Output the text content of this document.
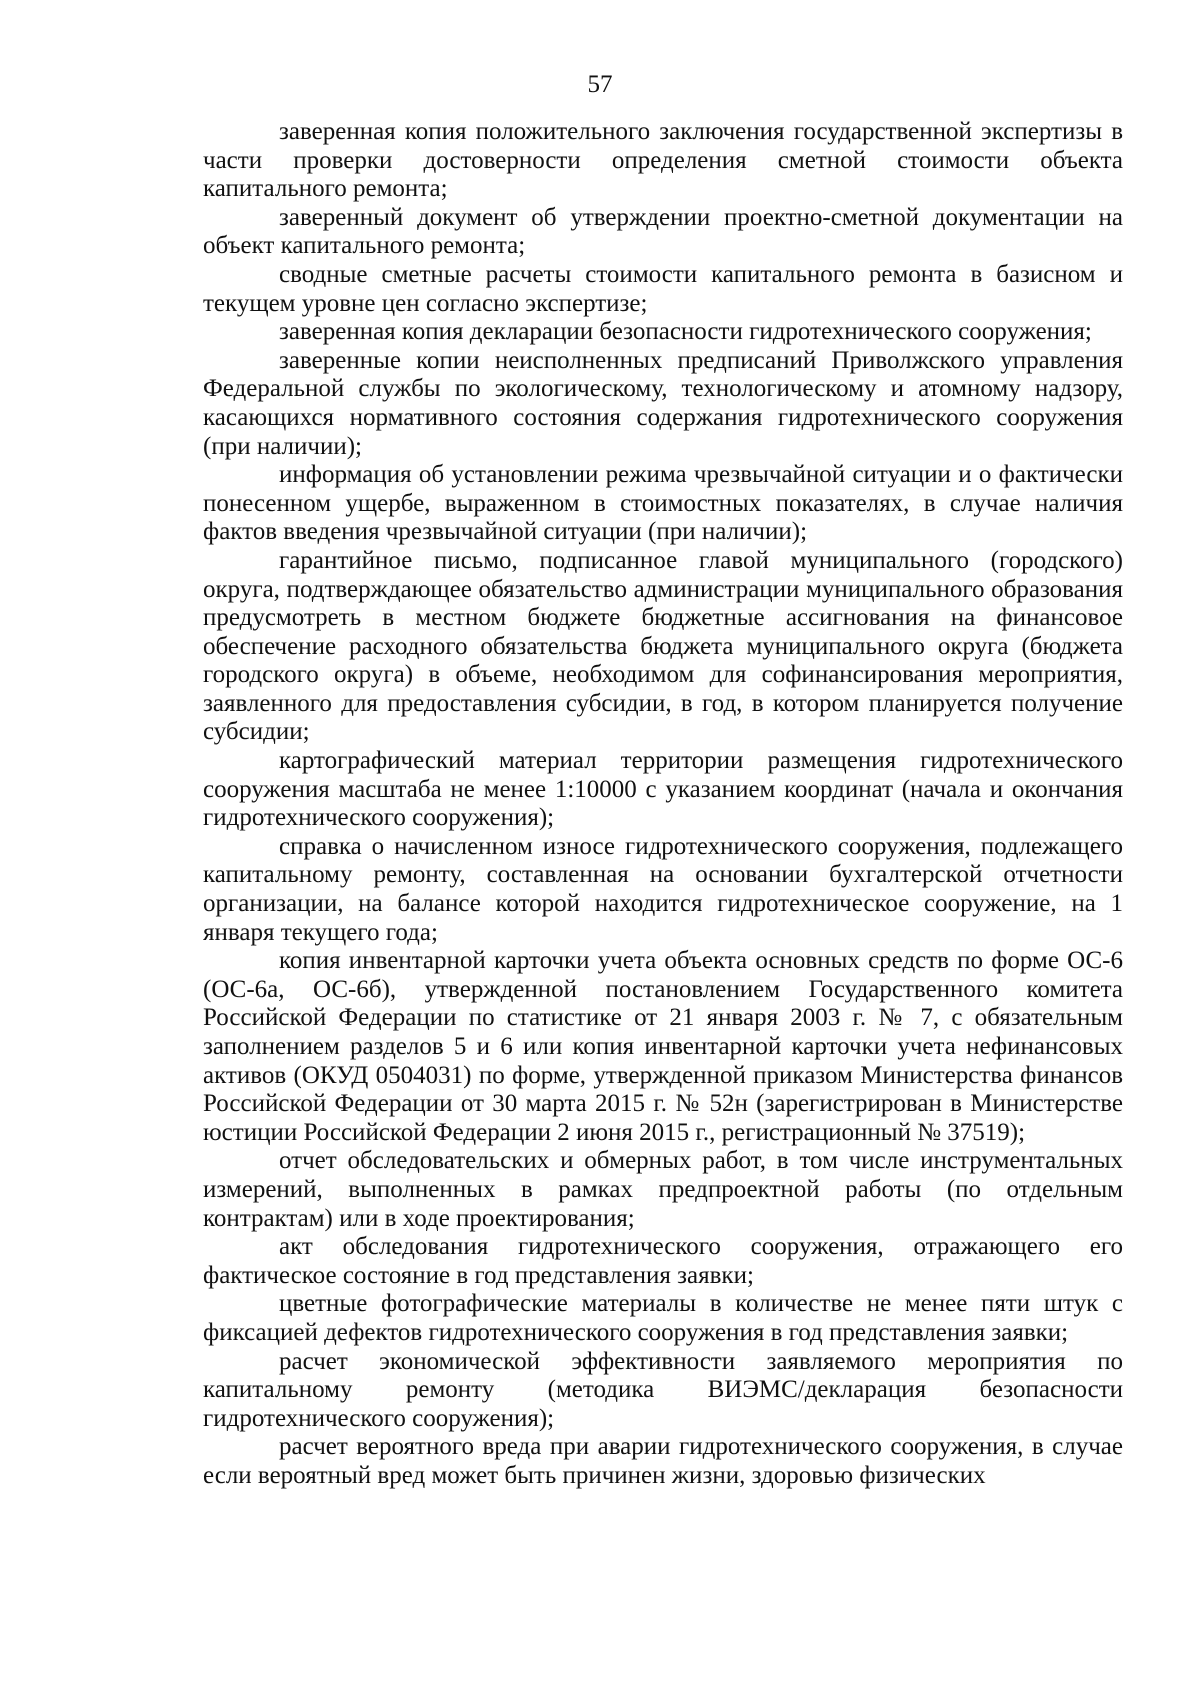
57

заверенная копия положительного заключения государственной экспертизы в части проверки достоверности определения сметной стоимости объекта капитального ремонта;

заверенный документ об утверждении проектно-сметной документации на объект капитального ремонта;

сводные сметные расчеты стоимости капитального ремонта в базисном и текущем уровне цен согласно экспертизе;

заверенная копия декларации безопасности гидротехнического сооружения;

заверенные копии неисполненных предписаний Приволжского управления Федеральной службы по экологическому, технологическому и атомному надзору, касающихся нормативного состояния содержания гидротехнического сооружения (при наличии);

информация об установлении режима чрезвычайной ситуации и о фактически понесенном ущербе, выраженном в стоимостных показателях, в случае наличия фактов введения чрезвычайной ситуации (при наличии);

гарантийное письмо, подписанное главой муниципального (городского) округа, подтверждающее обязательство администрации муниципального образования предусмотреть в местном бюджете бюджетные ассигнования на финансовое обеспечение расходного обязательства бюджета муниципального округа (бюджета городского округа) в объеме, необходимом для софинансирования мероприятия, заявленного для предоставления субсидии, в год, в котором планируется получение субсидии;

картографический материал территории размещения гидротехнического сооружения масштаба не менее 1:10000 с указанием координат (начала и окончания гидротехнического сооружения);

справка о начисленном износе гидротехнического сооружения, подлежащего капитальному ремонту, составленная на основании бухгалтерской отчетности организации, на балансе которой находится гидротехническое сооружение, на 1 января текущего года;

копия инвентарной карточки учета объекта основных средств по форме ОС-6 (ОС-6а, ОС-6б), утвержденной постановлением Государственного комитета Российской Федерации по статистике от 21 января 2003 г. № 7, с обязательным заполнением разделов 5 и 6 или копия инвентарной карточки учета нефинансовых активов (ОКУД 0504031) по форме, утвержденной приказом Министерства финансов Российской Федерации от 30 марта 2015 г. № 52н (зарегистрирован в Министерстве юстиции Российской Федерации 2 июня 2015 г., регистрационный № 37519);

отчет обследовательских и обмерных работ, в том числе инструментальных измерений, выполненных в рамках предпроектной работы (по отдельным контрактам) или в ходе проектирования;

акт обследования гидротехнического сооружения, отражающего его фактическое состояние в год представления заявки;

цветные фотографические материалы в количестве не менее пяти штук с фиксацией дефектов гидротехнического сооружения в год представления заявки;

расчет экономической эффективности заявляемого мероприятия по капитальному ремонту (методика ВИЭМС/декларация безопасности гидротехнического сооружения);

расчет вероятного вреда при аварии гидротехнического сооружения, в случае если вероятный вред может быть причинен жизни, здоровью физических
